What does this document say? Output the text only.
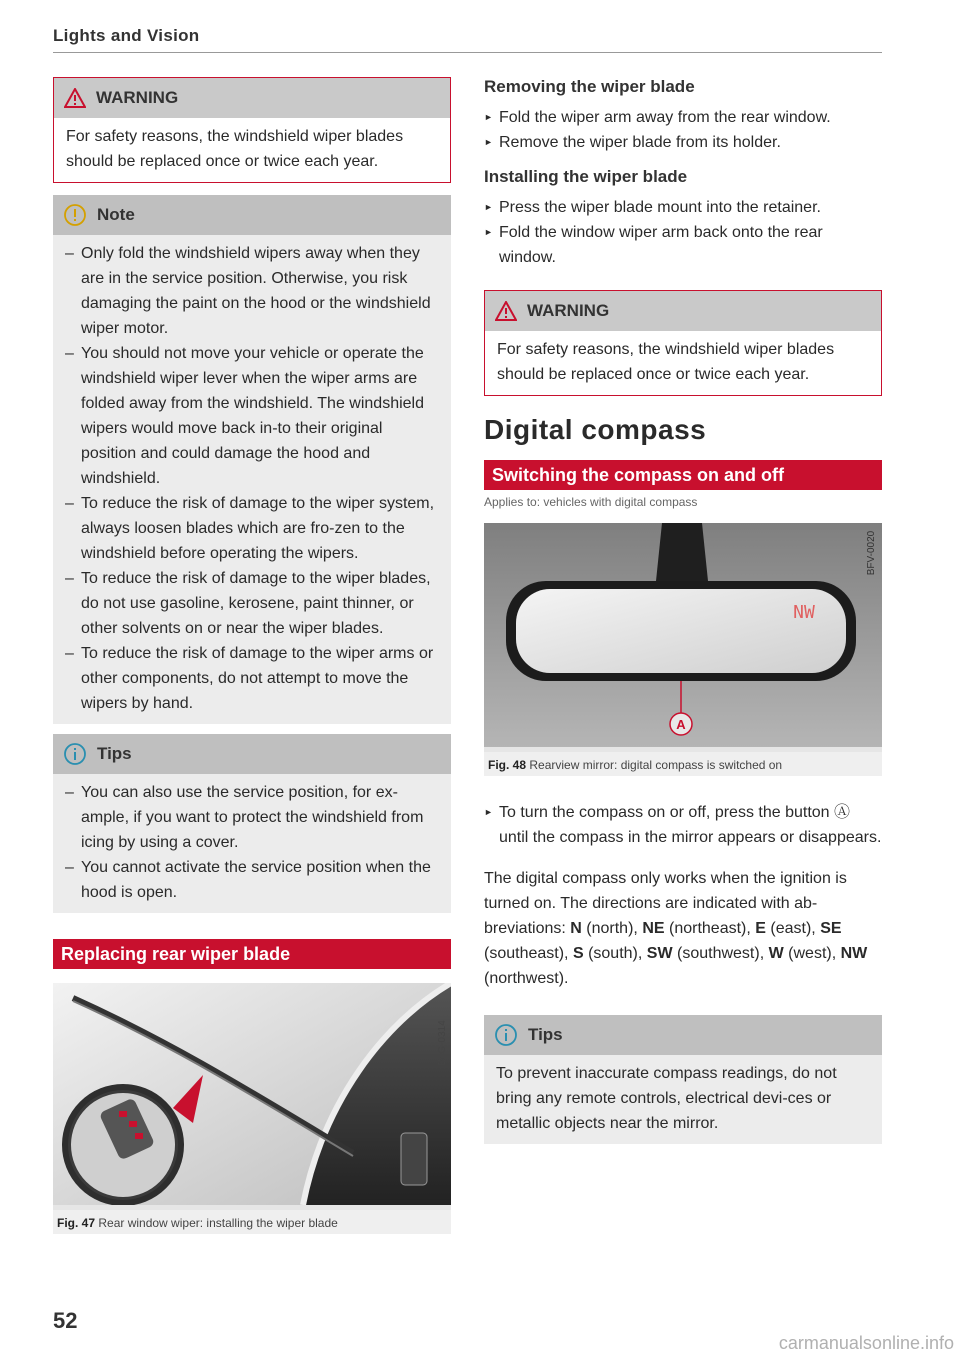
Lights and Vision
WARNING
For safety reasons, the windshield wiper blades should be replaced once or twice each year.
Note
– Only fold the windshield wipers away when they are in the service position. Otherwise, you risk damaging the paint on the hood or the windshield wiper motor.
– You should not move your vehicle or operate the windshield wiper lever when the wiper arms are folded away from the windshield. The windshield wipers would move back in-to their original position and could damage the hood and windshield.
– To reduce the risk of damage to the wiper system, always loosen blades which are fro-zen to the windshield before operating the wipers.
– To reduce the risk of damage to the wiper blades, do not use gasoline, kerosene, paint thinner, or other solvents on or near the wiper blades.
– To reduce the risk of damage to the wiper arms or other components, do not attempt to move the wipers by hand.
Tips
– You can also use the service position, for ex-ample, if you want to protect the windshield from icing by using a cover.
– You cannot activate the service position when the hood is open.
Replacing rear wiper blade
B4G-0314
Fig. 47 Rear window wiper: installing the wiper blade
Removing the wiper blade
► Fold the wiper arm away from the rear window.
► Remove the wiper blade from its holder.
Installing the wiper blade
► Press the wiper blade mount into the retainer.
► Fold the window wiper arm back onto the rear window.
WARNING
For safety reasons, the windshield wiper blades should be replaced once or twice each year.
Digital compass
Switching the compass on and off
Applies to: vehicles with digital compass
NW
A
BFV-0020
Fig. 48 Rearview mirror: digital compass is switched on
► To turn the compass on or off, press the button Ⓐ until the compass in the mirror appears or disappears.

The digital compass only works when the ignition is turned on. The directions are indicated with ab-breviations: N (north), NE (northeast), E (east), SE (southeast), S (south), SW (southwest), W (west), NW (northwest).

Tips
To prevent inaccurate compass readings, do not bring any remote controls, electrical devi-ces or metallic objects near the mirror.
52
carmanualsonline.info
